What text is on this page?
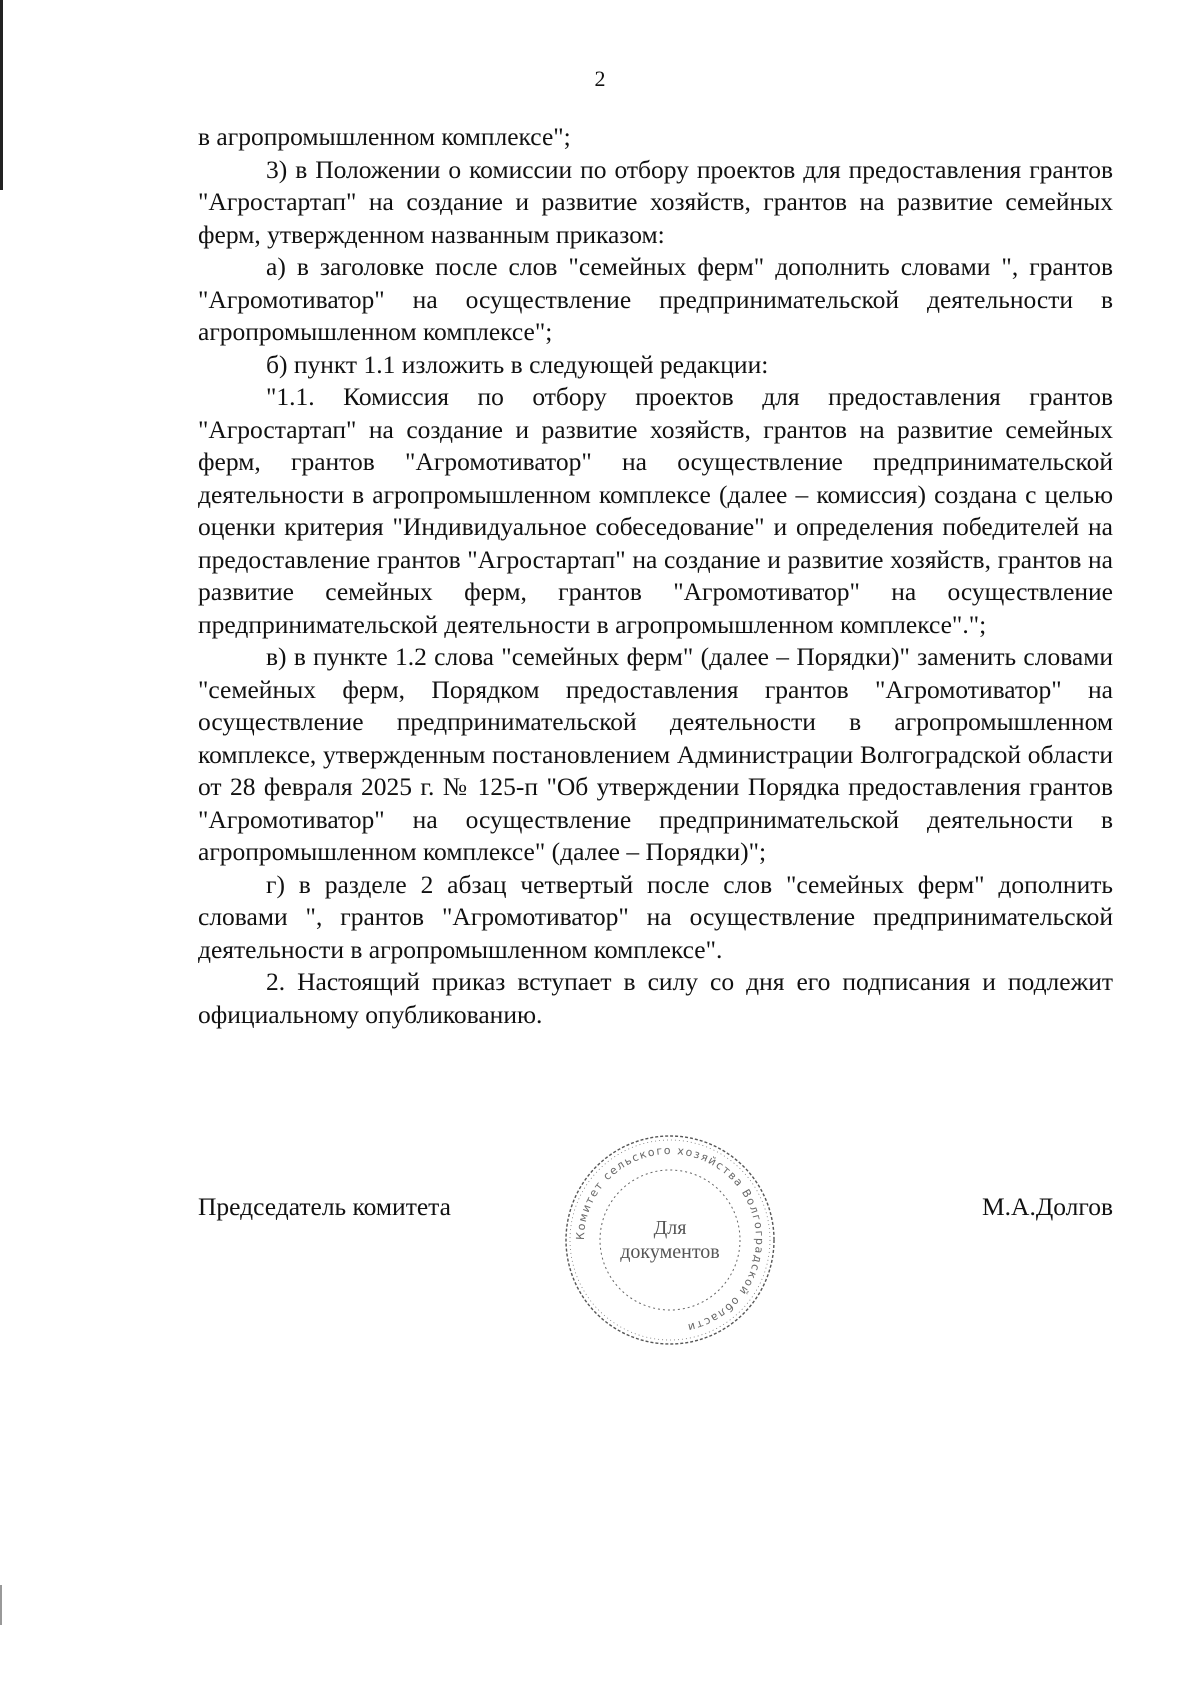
2

в агропромышленном комплексе";

3) в Положении о комиссии по отбору проектов для предоставления грантов "Агростартап" на создание и развитие хозяйств, грантов на развитие семейных ферм, утвержденном названным приказом:

а) в заголовке после слов "семейных ферм" дополнить словами ", грантов "Агромотиватор" на осуществление предпринимательской деятельности в агропромышленном комплексе";

б) пункт 1.1 изложить в следующей редакции:

"1.1. Комиссия по отбору проектов для предоставления грантов "Агростартап" на создание и развитие хозяйств, грантов на развитие семейных ферм, грантов "Агромотиватор" на осуществление предпринимательской деятельности в агропромышленном комплексе (далее – комиссия) создана с целью оценки критерия "Индивидуальное собеседование" и определения победителей на предоставление грантов "Агростартап" на создание и развитие хозяйств, грантов на развитие семейных ферм, грантов "Агромотиватор" на осуществление предпринимательской деятельности в агропромышленном комплексе".";

в) в пункте 1.2 слова "семейных ферм" (далее – Порядки)" заменить словами "семейных ферм, Порядком предоставления грантов "Агромотиватор" на осуществление предпринимательской деятельности в агропромышленном комплексе, утвержденным постановлением Администрации Волгоградской области от 28 февраля 2025 г. № 125-п "Об утверждении Порядка предоставления грантов "Агромотиватор" на осуществление предпринимательской деятельности в агропромышленном комплексе" (далее – Порядки)";

г) в разделе 2 абзац четвертый после слов "семейных ферм" дополнить словами ", грантов "Агромотиватор" на осуществление предпринимательской деятельности в агропромышленном комплексе".

2. Настоящий приказ вступает в силу со дня его подписания и подлежит официальному опубликованию.

Председатель комитета	М.А.Долгов
Комитет сельского хозяйства Волгоградской области
Для
документов
